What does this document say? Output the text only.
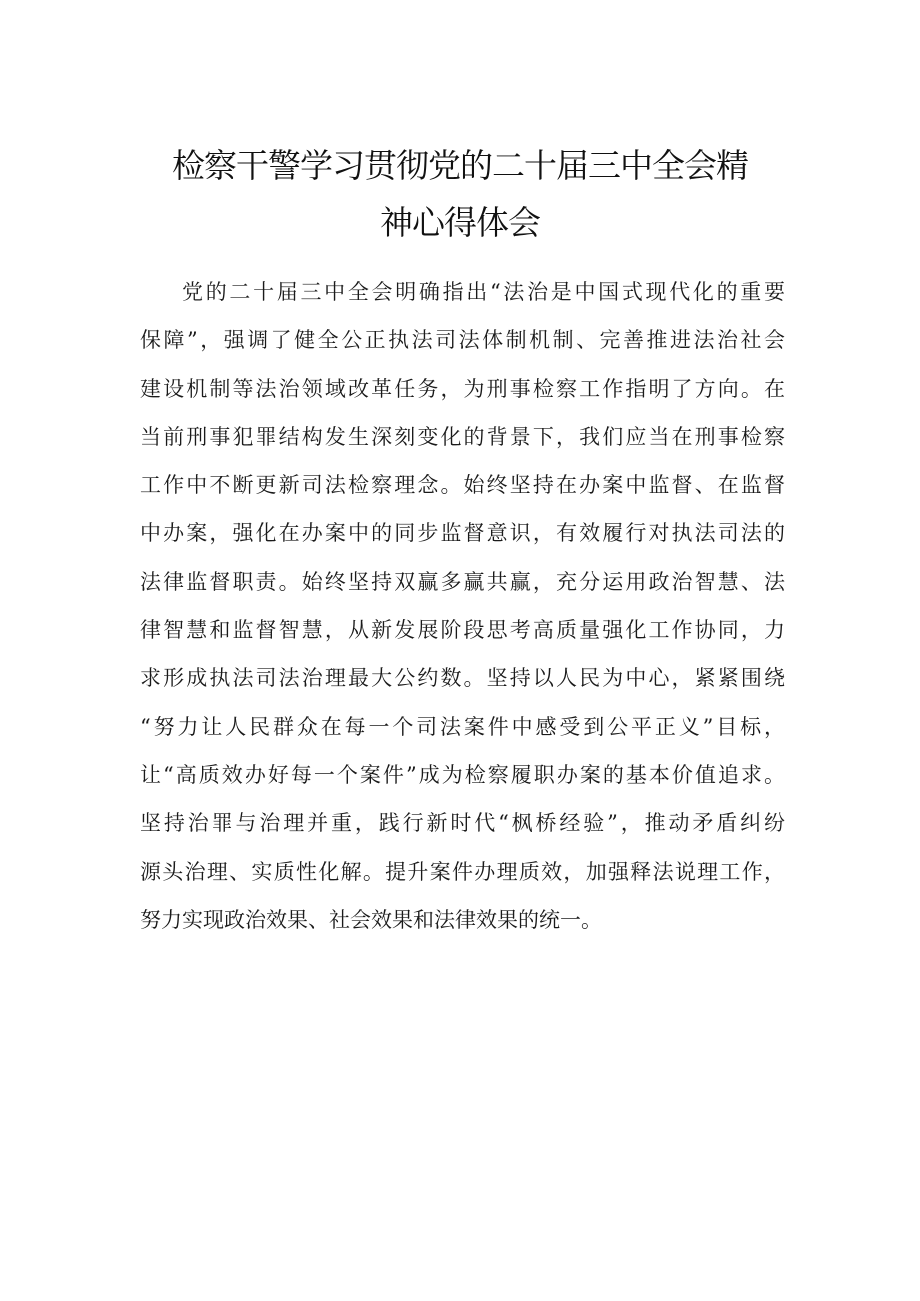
检察干警学习贯彻党的二十届三中全会精
神心得体会
党的二十届三中全会明确指出“法治是中国式现代化的重要
保障”，强调了健全公正执法司法体制机制、完善推进法治社会
建设机制等法治领域改革任务，为刑事检察工作指明了方向。在
当前刑事犯罪结构发生深刻变化的背景下，我们应当在刑事检察
工作中不断更新司法检察理念。始终坚持在办案中监督、在监督
中办案，强化在办案中的同步监督意识，有效履行对执法司法的
法律监督职责。始终坚持双赢多赢共赢，充分运用政治智慧、法
律智慧和监督智慧，从新发展阶段思考高质量强化工作协同，力
求形成执法司法治理最大公约数。坚持以人民为中心，紧紧围绕
“努力让人民群众在每一个司法案件中感受到公平正义”目标，
让“高质效办好每一个案件”成为检察履职办案的基本价值追求。
坚持治罪与治理并重，践行新时代“枫桥经验”，推动矛盾纠纷
源头治理、实质性化解。提升案件办理质效，加强释法说理工作，
努力实现政治效果、社会效果和法律效果的统一。
